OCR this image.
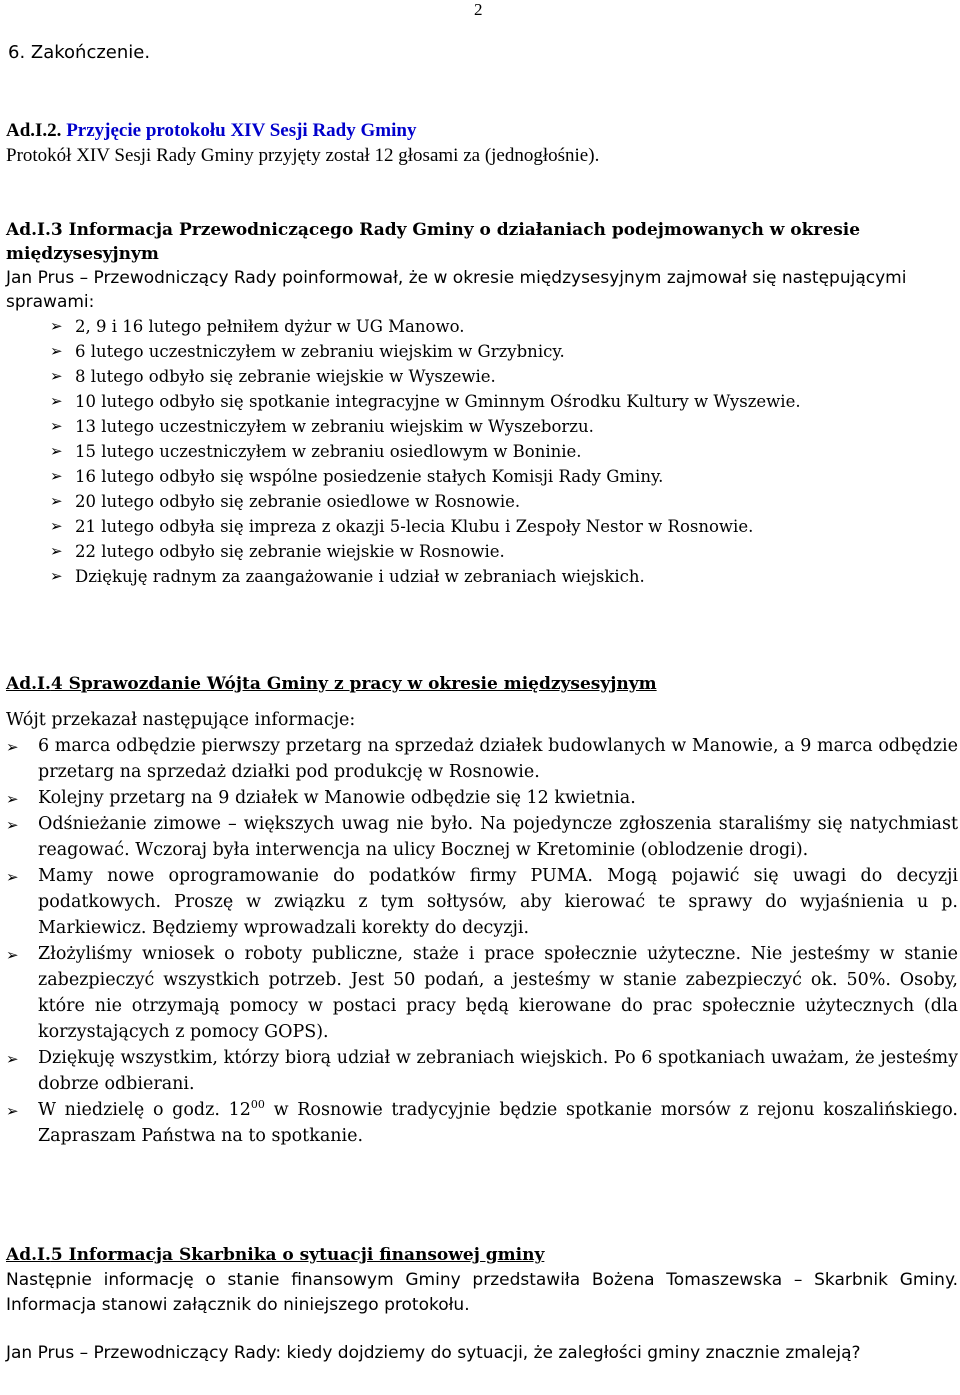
2
6. Zakończenie.
Ad.I.2. Przyjęcie protokołu XIV Sesji Rady Gminy
Protokół XIV Sesji Rady Gminy przyjęty został 12 głosami za (jednogłośnie).
Ad.I.3 Informacja Przewodniczącego Rady Gminy o działaniach podejmowanych w okresie międzysesyjnym
Jan Prus – Przewodniczący Rady poinformował, że w okresie międzysesyjnym zajmował się następującymi sprawami:
➢ 2, 9 i 16 lutego pełniłem dyżur w UG Manowo.
➢ 6 lutego uczestniczyłem w zebraniu wiejskim w Grzybnicy.
➢ 8 lutego odbyło się zebranie wiejskie w Wyszewie.
➢ 10 lutego odbyło się spotkanie integracyjne w Gminnym Ośrodku Kultury w Wyszewie.
➢ 13 lutego uczestniczyłem w zebraniu wiejskim w Wyszeborzu.
➢ 15 lutego uczestniczyłem w zebraniu osiedlowym w Boninie.
➢ 16 lutego odbyło się wspólne posiedzenie stałych Komisji Rady Gminy.
➢ 20 lutego odbyło się zebranie osiedlowe w Rosnowie.
➢ 21 lutego odbyła się impreza z okazji 5-lecia Klubu i Zespoły Nestor w Rosnowie.
➢ 22 lutego odbyło się zebranie wiejskie w Rosnowie.
➢ Dziękuję radnym za zaangażowanie i udział w zebraniach wiejskich.
Ad.I.4 Sprawozdanie Wójta Gminy z pracy w okresie międzysesyjnym
Wójt przekazał następujące informacje:
➢ 6 marca odbędzie pierwszy przetarg na sprzedaż działek budowlanych w Manowie, a 9 marca odbędzie przetarg na sprzedaż działki pod produkcję w Rosnowie.
➢ Kolejny przetarg na 9 działek w Manowie odbędzie się 12 kwietnia.
➢ Odśnieżanie zimowe – większych uwag nie było. Na pojedyncze zgłoszenia staraliśmy się natychmiast reagować. Wczoraj była interwencja na ulicy Bocznej w Kretominie (oblodzenie drogi).
➢ Mamy nowe oprogramowanie do podatków firmy PUMA. Mogą pojawić się uwagi do decyzji podatkowych. Proszę w związku z tym sołtysów, aby kierować te sprawy do wyjaśnienia u p. Markiewicz. Będziemy wprowadzali korekty do decyzji.
➢ Złożyliśmy wniosek o roboty publiczne, staże i prace społecznie użyteczne. Nie jesteśmy w stanie zabezpieczyć wszystkich potrzeb. Jest 50 podań, a jesteśmy w stanie zabezpieczyć ok. 50%. Osoby, które nie otrzymają pomocy w postaci pracy będą kierowane do prac społecznie użytecznych (dla korzystających z pomocy GOPS).
➢ Dziękuję wszystkim, którzy biorą udział w zebraniach wiejskich. Po 6 spotkaniach uważam, że jesteśmy dobrze odbierani.
➢ W niedzielę o godz. $12^{00}$ w Rosnowie tradycyjnie będzie spotkanie morsów z rejonu koszalińskiego. Zapraszam Państwa na to spotkanie.
Ad.I.5 Informacja Skarbnika o sytuacji finansowej gminy
Następnie informację o stanie finansowym Gminy przedstawiła Bożena Tomaszewska – Skarbnik Gminy. Informacja stanowi załącznik do niniejszego protokołu.
Jan Prus – Przewodniczący Rady: kiedy dojdziemy do sytuacji, że zaległości gminy znacznie zmaleją?
